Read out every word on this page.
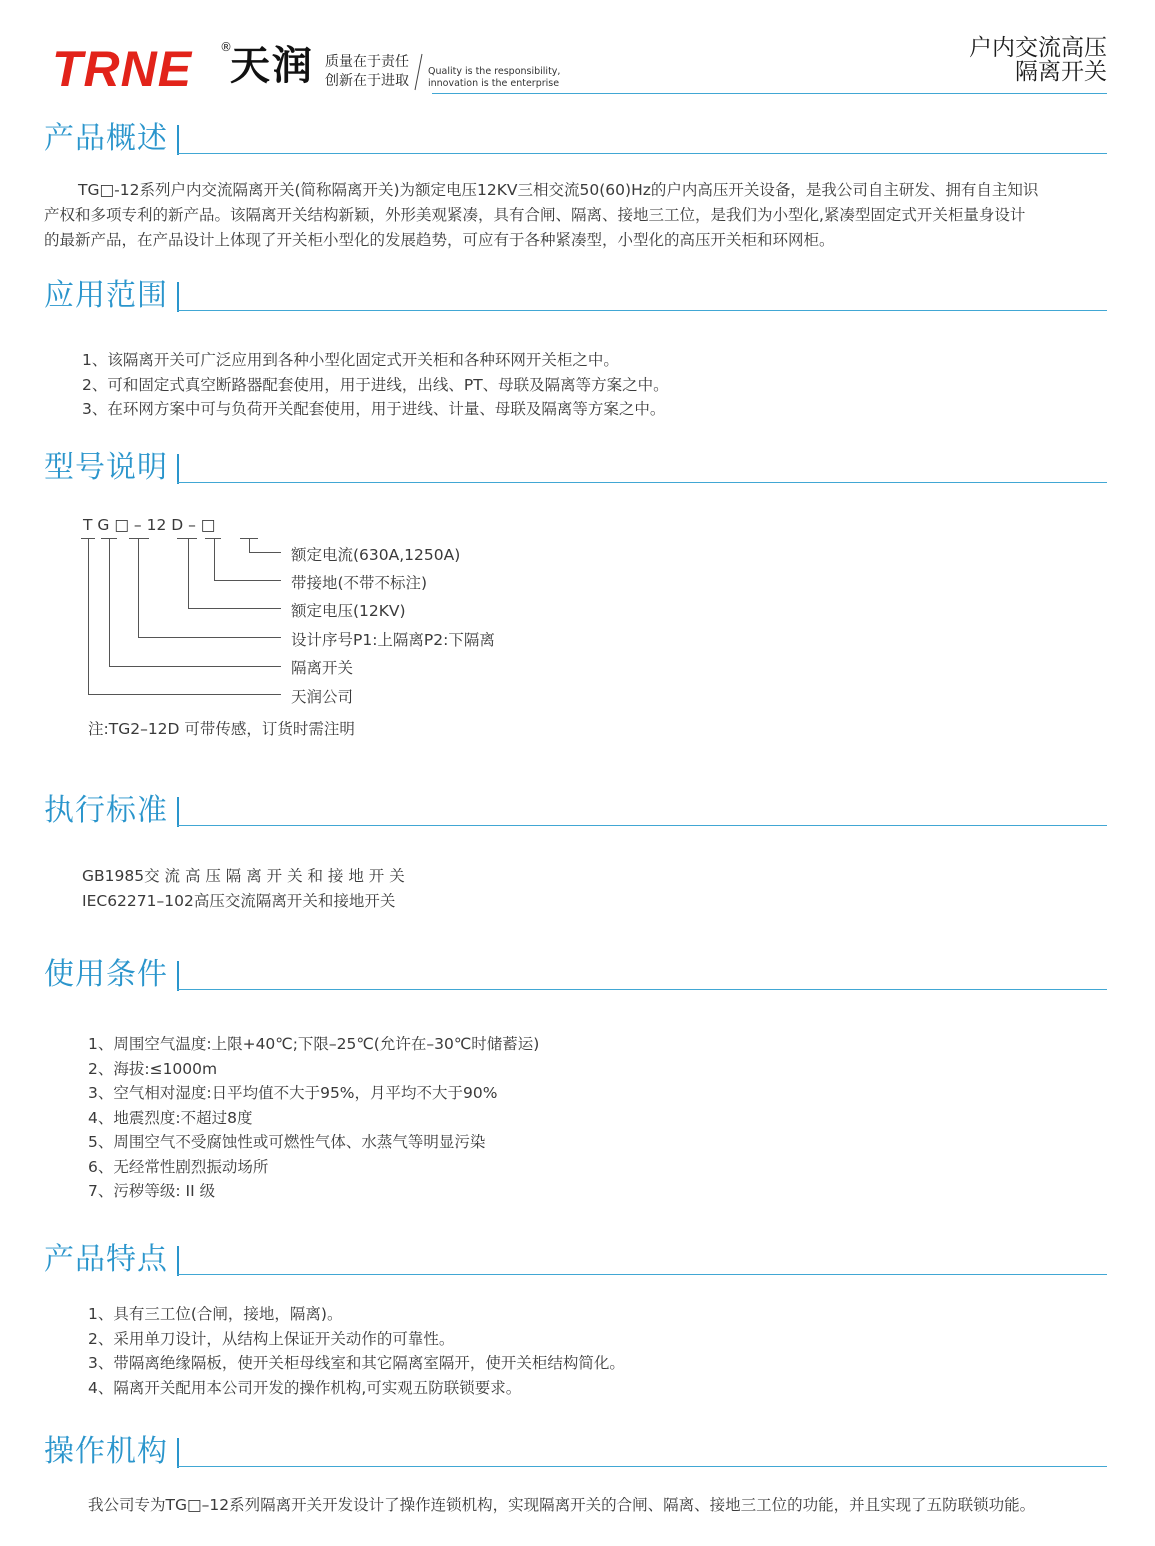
TRNE ®
天润 质量在于责任
创新在于进取
Quality is the responsibility,
innovation is the enterprise
户内交流高压
隔离开关
产品概述
TG□-12系列户内交流隔离开关(简称隔离开关)为额定电压12KV三相交流50(60)Hz的户内高压开关设备，是我公司自主研发、拥有自主知识
产权和多项专利的新产品。该隔离开关结构新颖，外形美观紧凑，具有合闸、隔离、接地三工位，是我们为小型化,紧凑型固定式开关柜量身设计
的最新产品，在产品设计上体现了开关柜小型化的发展趋势，可应有于各种紧凑型，小型化的高压开关柜和环网柜。
应用范围
1、该隔离开关可广泛应用到各种小型化固定式开关柜和各种环网开关柜之中。
2、可和固定式真空断路器配套使用，用于进线，出线、PT、母联及隔离等方案之中。
3、在环网方案中可与负荷开关配套使用，用于进线、计量、母联及隔离等方案之中。
型号说明
T G □ – 12 D – □
额定电流(630A,1250A)
带接地(不带不标注)
额定电压(12KV)
设计序号P1:上隔离P2:下隔离
隔离开关
天润公司
注:TG2–12D 可带传感，订货时需注明
执行标准
GB1985交 流 高 压 隔 离 开 关 和 接 地 开 关
IEC62271–102高压交流隔离开关和接地开关
使用条件
1、周围空气温度:上限+40℃;下限–25℃(允许在–30℃时储蓄运)
2、海拔:≤1000m
3、空气相对湿度:日平均值不大于95%，月平均不大于90%
4、地震烈度:不超过8度
5、周围空气不受腐蚀性或可燃性气体、水蒸气等明显污染
6、无经常性剧烈振动场所
7、污秽等级: II 级
产品特点
1、具有三工位(合闸，接地，隔离)。
2、采用单刀设计，从结构上保证开关动作的可靠性。
3、带隔离绝缘隔板，使开关柜母线室和其它隔离室隔开，使开关柜结构简化。
4、隔离开关配用本公司开发的操作机构,可实观五防联锁要求。
操作机构
我公司专为TG□–12系列隔离开关开发设计了操作连锁机构，实现隔离开关的合闸、隔离、接地三工位的功能，并且实现了五防联锁功能。
